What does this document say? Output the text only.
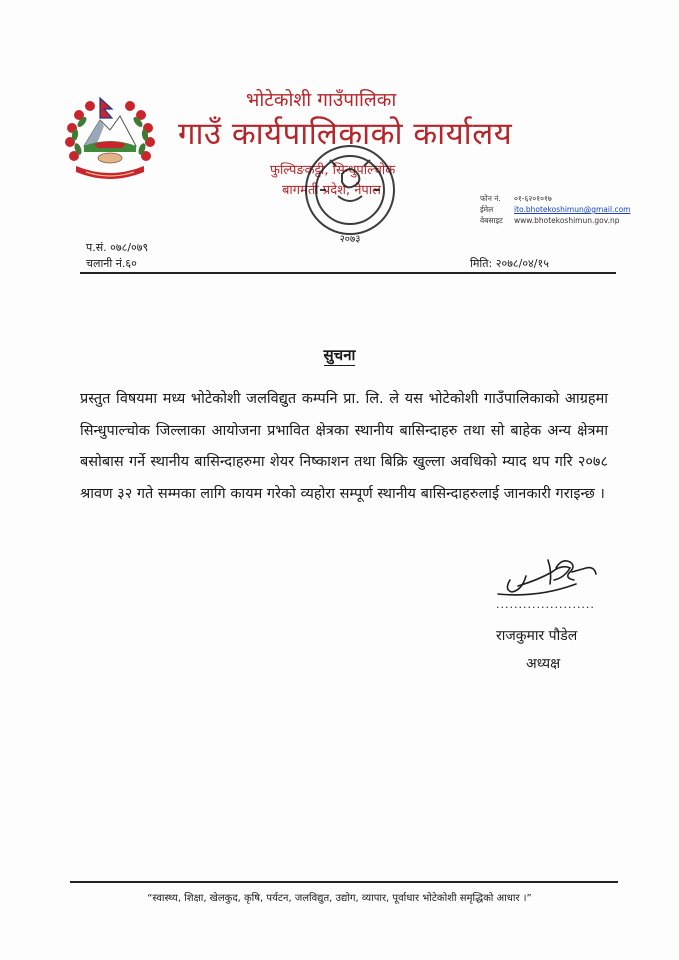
भोटेकोशी गाउँपालिका
गाउँ कार्यपालिकाको कार्यालय
फुल्पिङकट्टी, सिन्धुपाल्चोक
बागमती प्रदेश, नेपाल
२०७३
फोन नं. ०१-६२०१०१७
ईमेल	ito.bhotekoshimun@gmail.com
वेबसाइट www.bhotekoshimun.gov.np
प.सं. ०७८/०७९
चलानी नं.६०	मिति: २०७८/०४/१५
सुचना
प्रस्तुत विषयमा मध्य भोटेकोशी जलविद्युत कम्पनि प्रा. लि. ले यस भोटेकोशी गाउँपालिकाको आग्रहमा सिन्धुपाल्चोक जिल्लाका आयोजना प्रभावित क्षेत्रका स्थानीय बासिन्दाहरु तथा सो बाहेक अन्य क्षेत्रमा बसोबास गर्ने स्थानीय बासिन्दाहरुमा शेयर निष्काशन तथा बिक्रि खुल्ला अवधिको म्याद थप गरि २०७८ श्रावण ३२ गते सम्मका लागि कायम गरेको व्यहोरा सम्पूर्ण स्थानीय बासिन्दाहरुलाई जानकारी गराइन्छ ।
......................
राजकुमार पौडेल
अध्यक्ष
“स्वास्थ्य, शिक्षा, खेलकुद, कृषि, पर्यटन, जलविद्युत, उद्योग, व्यापार, पूर्वाधार भोटेकोशी समृद्धिको आधार ।”
